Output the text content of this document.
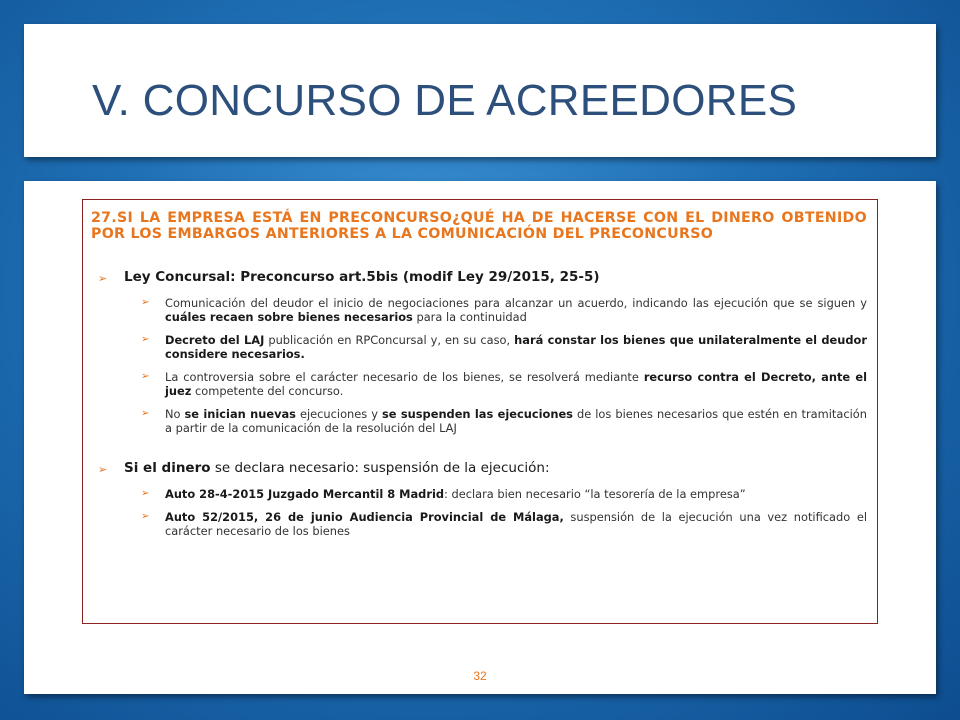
V. CONCURSO DE ACREEDORES

27.SI LA EMPRESA ESTÁ EN PRECONCURSO¿QUÉ HA DE HACERSE CON EL DINERO OBTENIDO POR LOS EMBARGOS ANTERIORES A LA COMUNICACIÓN DEL PRECONCURSO

➢ Ley Concursal: Preconcurso art.5bis (modif Ley 29/2015, 25-5)
➢ Comunicación del deudor el inicio de negociaciones para alcanzar un acuerdo, indicando las ejecución que se siguen y cuáles recaen sobre bienes necesarios para la continuidad
➢ Decreto del LAJ publicación en RPConcursal y, en su caso, hará constar los bienes que unilateralmente el deudor considere necesarios.
➢ La controversia sobre el carácter necesario de los bienes, se resolverá mediante recurso contra el Decreto, ante el juez competente del concurso.
➢ No se inician nuevas ejecuciones y se suspenden las ejecuciones de los bienes necesarios que estén en tramitación a partir de la comunicación de la resolución del LAJ
➢ Si el dinero se declara necesario: suspensión de la ejecución:
➢ Auto 28-4-2015 Juzgado Mercantil 8 Madrid: declara bien necesario “la tesorería de la empresa”
➢ Auto 52/2015, 26 de junio Audiencia Provincial de Málaga, suspensión de la ejecución una vez notificado el carácter necesario de los bienes
32
